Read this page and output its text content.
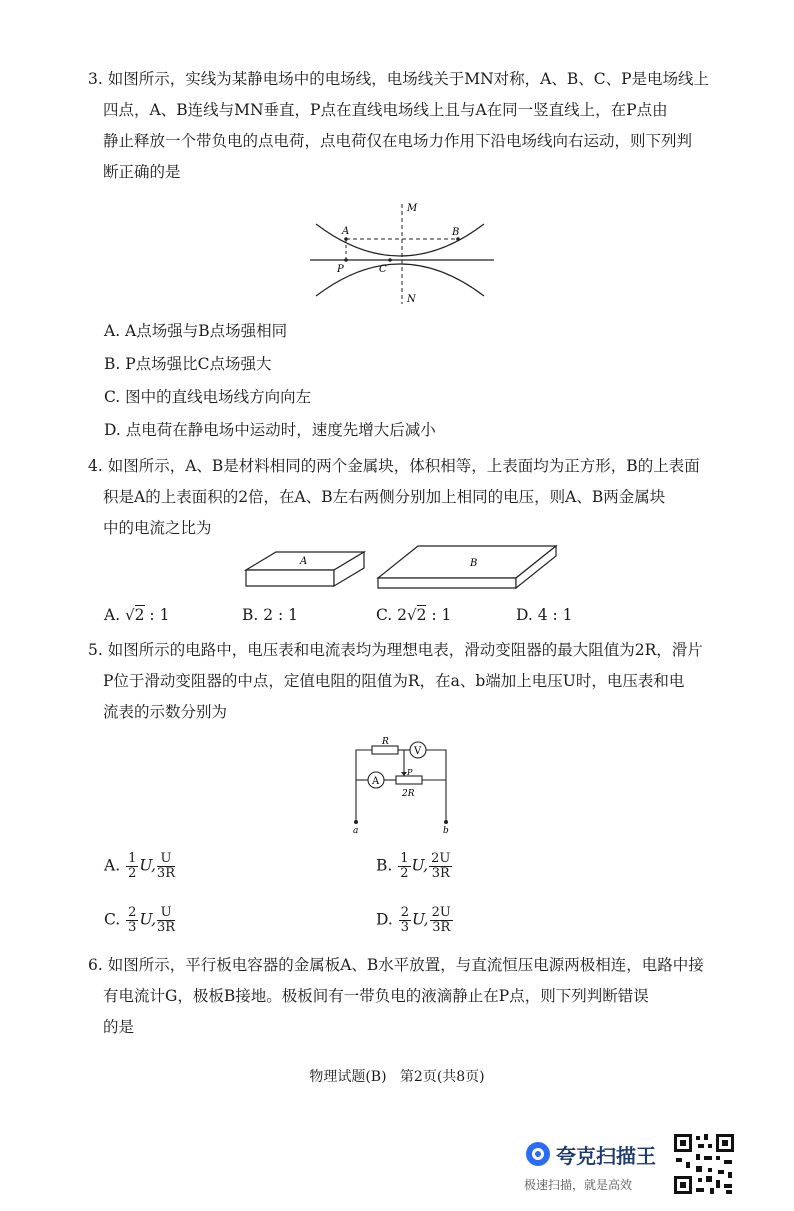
3. 如图所示，实线为某静电场中的电场线，电场线关于MN对称，A、B、C、P是电场线上
四点，A、B连线与MN垂直，P点在直线电场线上且与A在同一竖直线上，在P点由
静止释放一个带负电的点电荷，点电荷仅在电场力作用下沿电场线向右运动，则下列判
断正确的是
M
N
A	B
P	C
A. A点场强与B点场强相同
B. P点场强比C点场强大
C. 图中的直线电场线方向向左
D. 点电荷在静电场中运动时，速度先增大后减小
4. 如图所示，A、B是材料相同的两个金属块，体积相等，上表面均为正方形，B的上表面
积是A的上表面积的2倍，在A、B左右两侧分别加上相同的电压，则A、B两金属块
中的电流之比为
A	B
A. √2 : 1	B. 2 : 1	C. 2√2 : 1	D. 4 : 1
5. 如图所示的电路中，电压表和电流表均为理想电表，滑动变阻器的最大阻值为2R，滑片
P位于滑动变阻器的中点，定值电阻的阻值为R，在a、b端加上电压U时，电压表和电
流表的示数分别为
V
R
A
P
2R
a	b
A. $\frac{1}{2} U$, $\frac{U}{3R}$	B. $\frac{1}{2} U$, $\frac{2U}{3R}$
C. $\frac{2}{3} U$, $\frac{U}{3R}$	D. $\frac{2}{3} U$, $\frac{2U}{3R}$
6. 如图所示，平行板电容器的金属板A、B水平放置，与直流恒压电源两极相连，电路中接
有电流计G，极板B接地。极板间有一带负电的液滴静止在P点，则下列判断错误
的是
物理试题(B)   第2页(共8页)
夸克扫描王
极速扫描，就是高效
